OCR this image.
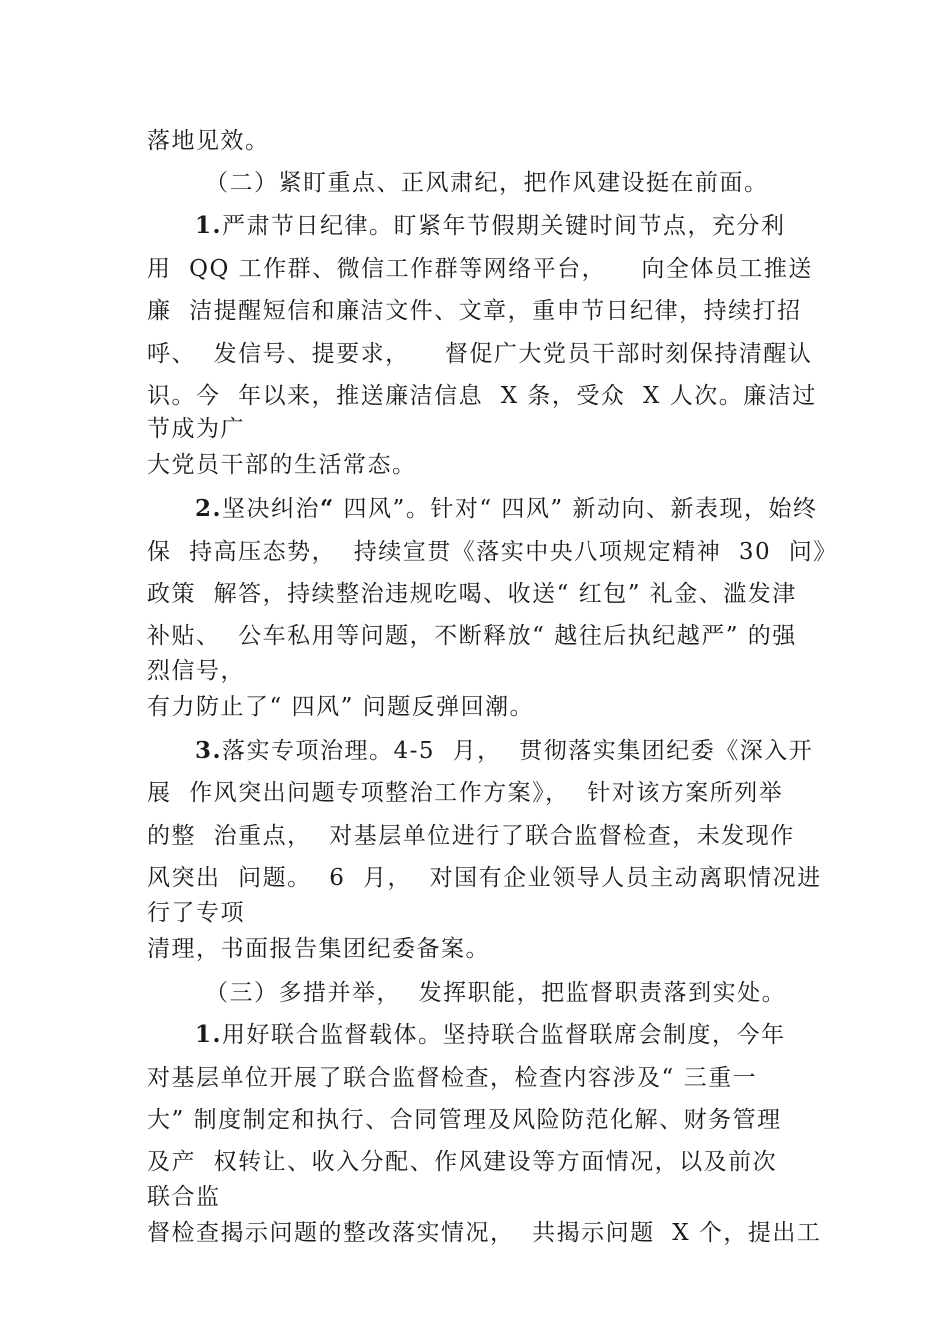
落地见效。

（二）紧盯重点、正风肃纪，把作风建设挺在前面。

1.严肃节日纪律。盯紧年节假期关键时间节点，充分利

用  QQ 工作群、微信工作群等网络平台，    向全体员工推送

廉  洁提醒短信和廉洁文件、文章，重申节日纪律，持续打招

呼、  发信号、提要求，    督促广大党员干部时刻保持清醒认

识。今  年以来，推送廉洁信息  X 条，受众  X 人次。廉洁过

节成为广

大党员干部的生活常态。

2.坚决纠治“ 四风”。针对“ 四风” 新动向、新表现，始终

保  持高压态势，  持续宣贯《落实中央八项规定精神  30  问》

政策  解答，持续整治违规吃喝、收送“ 红包” 礼金、滥发津

补贴、  公车私用等问题，不断释放“ 越往后执纪越严” 的强

烈信号，

有力防止了“ 四风” 问题反弹回潮。

3.落实专项治理。4-5  月，  贯彻落实集团纪委《深入开

展  作风突出问题专项整治工作方案》，  针对该方案所列举

的整  治重点，  对基层单位进行了联合监督检查，未发现作

风突出  问题。  6  月，  对国有企业领导人员主动离职情况进

行了专项

清理，书面报告集团纪委备案。

（三）多措并举，  发挥职能，把监督职责落到实处。

1.用好联合监督载体。坚持联合监督联席会制度，今年

对基层单位开展了联合监督检查，检查内容涉及“ 三重一

大” 制度制定和执行、合同管理及风险防范化解、财务管理

及产  权转让、收入分配、作风建设等方面情况，以及前次

联合监

督检查揭示问题的整改落实情况，  共揭示问题  X 个，提出工
